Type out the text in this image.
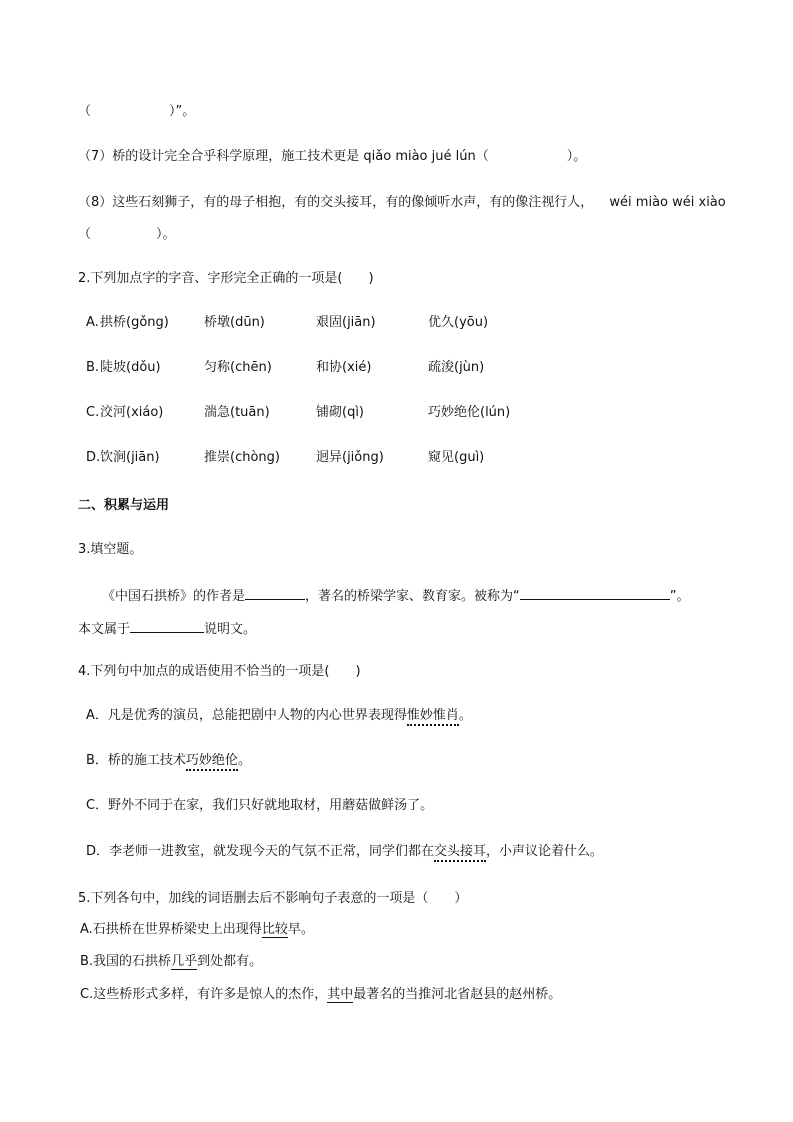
（　　　　　　）”。
（7）桥的设计完全合乎科学原理，施工技术更是 qiǎo miào jué lún（　　　　　　）。
（8）这些石刻狮子，有的母子相抱，有的交头接耳，有的像倾听水声，有的像注视行人， wéi miào wéi xiào
（　　　　　）。
2.下列加点字的字音、字形完全正确的一项是(　　)
A. 拱桥(gǒng)	桥墩(dūn)	艰固(jiān)	优久(yōu)
B. 陡坡(dǒu)	匀称(chēn)	和协(xié)	疏浚(jùn)
C. 洨河(xiáo)	湍急(tuān)	铺砌(qì)	巧妙绝伦(lún)
D. 饮涧(jiān)	推崇(chòng)	迥异(jiǒng)	窥见(guì)
二、积累与运用
3.填空题。
《中国石拱桥》的作者是	，著名的桥梁学家、教育家。被称为“	”。
本文属于	说明文。
4.下列句中加点的成语使用不恰当的一项是(　　)
A．凡是优秀的演员，总能把剧中人物的内心世界表现得惟妙惟肖。
B．桥的施工技术巧妙绝伦。
C．野外不同于在家，我们只好就地取材，用蘑菇做鲜汤了。
D．李老师一进教室，就发现今天的气氛不正常，同学们都在交头接耳，小声议论着什么。
5.下列各句中，加线的词语删去后不影响句子表意的一项是（　　）
A.石拱桥在世界桥梁史上出现得比较早。
B.我国的石拱桥几乎到处都有。
C.这些桥形式多样，有许多是惊人的杰作，其中最著名的当推河北省赵县的赵州桥。
